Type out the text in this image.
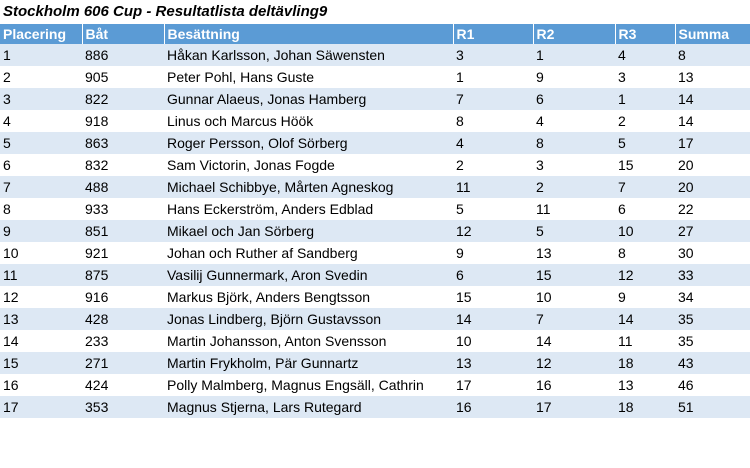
Stockholm 606 Cup - Resultatlista deltävling9
Placering	Båt	Besättning	R1	R2	R3	Summa
1	886	Håkan Karlsson, Johan Säwensten	3	1	4	8
2	905	Peter Pohl, Hans Guste	1	9	3	13
3	822	Gunnar Alaeus, Jonas Hamberg	7	6	1	14
4	918	Linus och Marcus Höök	8	4	2	14
5	863	Roger Persson, Olof Sörberg	4	8	5	17
6	832	Sam Victorin, Jonas Fogde	2	3	15	20
7	488	Michael Schibbye, Mårten Agneskog	11	2	7	20
8	933	Hans Eckerström, Anders Edblad	5	11	6	22
9	851	Mikael och Jan Sörberg	12	5	10	27
10	921	Johan och Ruther af Sandberg	9	13	8	30
11	875	Vasilij Gunnermark, Aron Svedin	6	15	12	33
12	916	Markus Björk, Anders Bengtsson	15	10	9	34
13	428	Jonas Lindberg, Björn Gustavsson	14	7	14	35
14	233	Martin Johansson, Anton Svensson	10	14	11	35
15	271	Martin Frykholm, Pär Gunnartz	13	12	18	43
16	424	Polly Malmberg, Magnus Engsäll, Cathrin	17	16	13	46
17	353	Magnus Stjerna, Lars Rutegard	16	17	18	51
